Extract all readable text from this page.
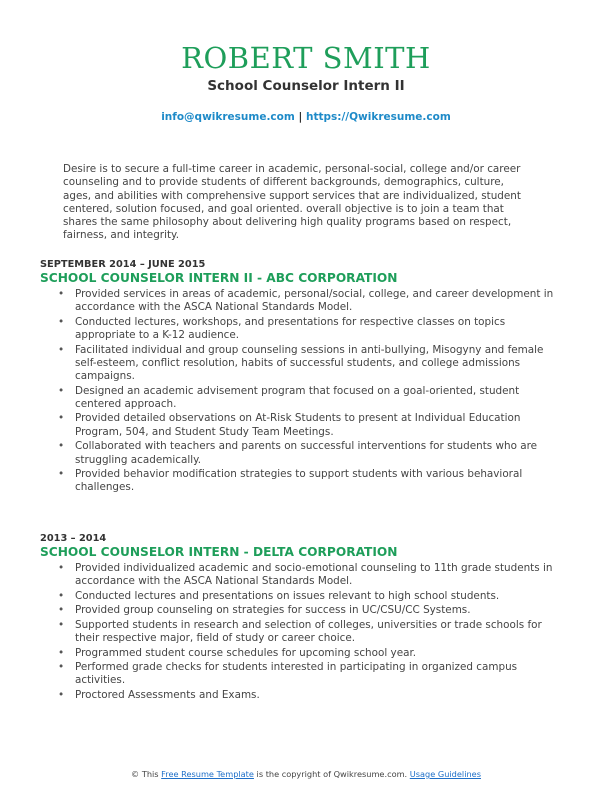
ROBERT SMITH
School Counselor Intern II
info@qwikresume.com | https://Qwikresume.com
Desire is to secure a full-time career in academic, personal-social, college and/or career counseling and to provide students of different backgrounds, demographics, culture, ages, and abilities with comprehensive support services that are individualized, student centered, solution focused, and goal oriented. overall objective is to join a team that shares the same philosophy about delivering high quality programs based on respect, fairness, and integrity.
SEPTEMBER 2014 – JUNE 2015
SCHOOL COUNSELOR INTERN II - ABC CORPORATION
• Provided services in areas of academic, personal/social, college, and career development in accordance with the ASCA National Standards Model.
• Conducted lectures, workshops, and presentations for respective classes on topics appropriate to a K-12 audience.
• Facilitated individual and group counseling sessions in anti-bullying, Misogyny and female self-esteem, conflict resolution, habits of successful students, and college admissions campaigns.
• Designed an academic advisement program that focused on a goal-oriented, student centered approach.
• Provided detailed observations on At-Risk Students to present at Individual Education Program, 504, and Student Study Team Meetings.
• Collaborated with teachers and parents on successful interventions for students who are struggling academically.
• Provided behavior modification strategies to support students with various behavioral challenges.
2013 – 2014
SCHOOL COUNSELOR INTERN - DELTA CORPORATION
• Provided individualized academic and socio-emotional counseling to 11th grade students in accordance with the ASCA National Standards Model.
• Conducted lectures and presentations on issues relevant to high school students.
• Provided group counseling on strategies for success in UC/CSU/CC Systems.
• Supported students in research and selection of colleges, universities or trade schools for their respective major, field of study or career choice.
• Programmed student course schedules for upcoming school year.
• Performed grade checks for students interested in participating in organized campus activities.
• Proctored Assessments and Exams.
© This Free Resume Template is the copyright of Qwikresume.com. Usage Guidelines
